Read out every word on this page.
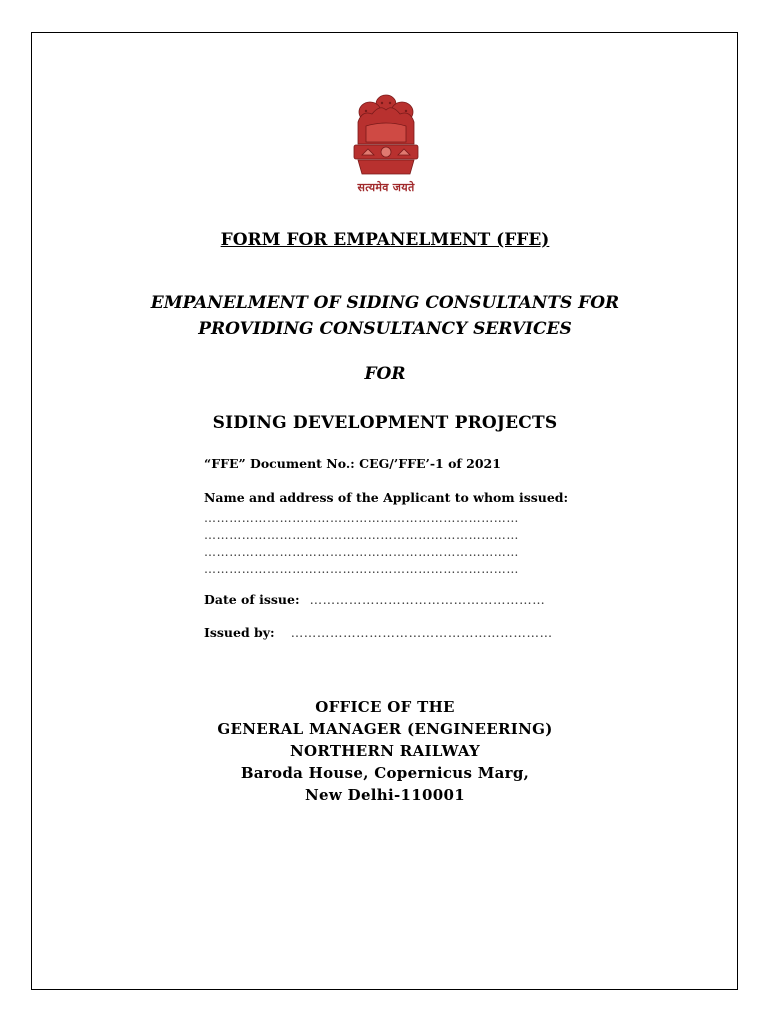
सत्यमेव जयते
FORM FOR EMPANELMENT (FFE)
EMPANELMENT OF SIDING CONSULTANTS FOR
PROVIDING CONSULTANCY SERVICES
FOR
SIDING DEVELOPMENT PROJECTS
“FFE” Document No.: CEG/’FFE’-1 of 2021
Name and address of the Applicant to whom issued:
…………………………………………………………………
…………………………………………………………………
…………………………………………………………………
…………………………………………………………………
Date of issue: ………………………………………………
Issued by: ……………………………………………………
OFFICE OF THE
GENERAL MANAGER (ENGINEERING)
NORTHERN RAILWAY
Baroda House, Copernicus Marg,
New Delhi-110001
